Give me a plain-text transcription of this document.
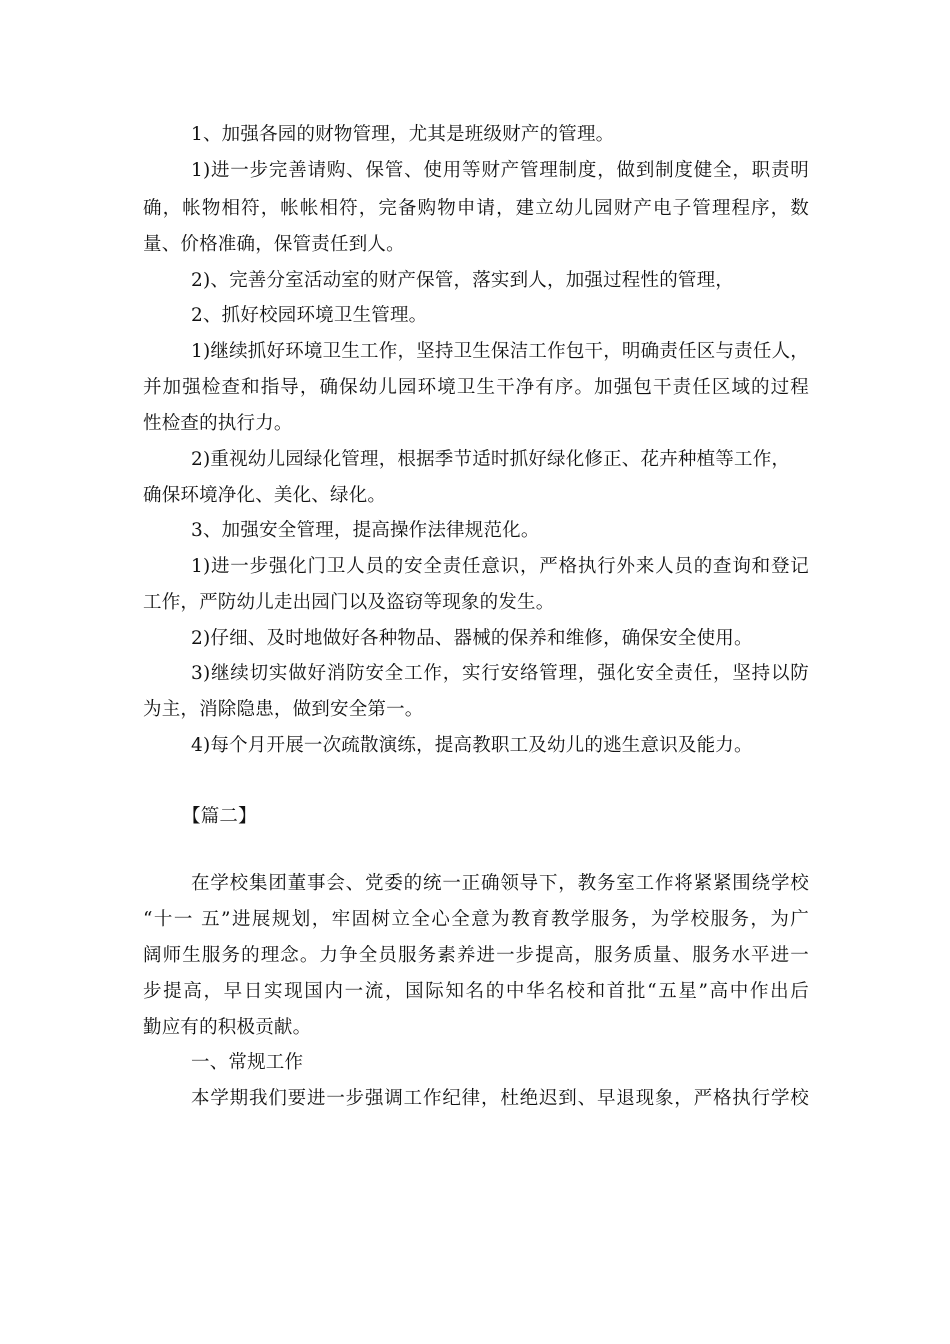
1、加强各园的财物管理，尤其是班级财产的管理。
1)进一步完善请购、保管、使用等财产管理制度，做到制度健全，职责明
确，帐物相符，帐帐相符，完备购物申请，建立幼儿园财产电子管理程序，数
量、价格准确，保管责任到人。
2)、完善分室活动室的财产保管，落实到人，加强过程性的管理，
2、抓好校园环境卫生管理。
1)继续抓好环境卫生工作，坚持卫生保洁工作包干，明确责任区与责任人，
并加强检查和指导，确保幼儿园环境卫生干净有序。加强包干责任区域的过程
性检查的执行力。
2)重视幼儿园绿化管理，根据季节适时抓好绿化修正、花卉种植等工作，
确保环境净化、美化、绿化。
3、加强安全管理，提高操作法律规范化。
1)进一步强化门卫人员的安全责任意识，严格执行外来人员的查询和登记
工作，严防幼儿走出园门以及盗窃等现象的发生。
2)仔细、及时地做好各种物品、器械的保养和维修，确保安全使用。
3)继续切实做好消防安全工作，实行安络管理，强化安全责任，坚持以防
为主，消除隐患，做到安全第一。
4)每个月开展一次疏散演练，提高教职工及幼儿的逃生意识及能力。
【篇二】
在学校集团董事会、党委的统一正确领导下，教务室工作将紧紧围绕学校
“十一 五”进展规划，牢固树立全心全意为教育教学服务，为学校服务，为广
阔师生服务的理念。力争全员服务素养进一步提高，服务质量、服务水平进一
步提高，早日实现国内一流，国际知名的中华名校和首批“五星”高中作出后
勤应有的积极贡献。
一、常规工作
本学期我们要进一步强调工作纪律，杜绝迟到、早退现象，严格执行学校
